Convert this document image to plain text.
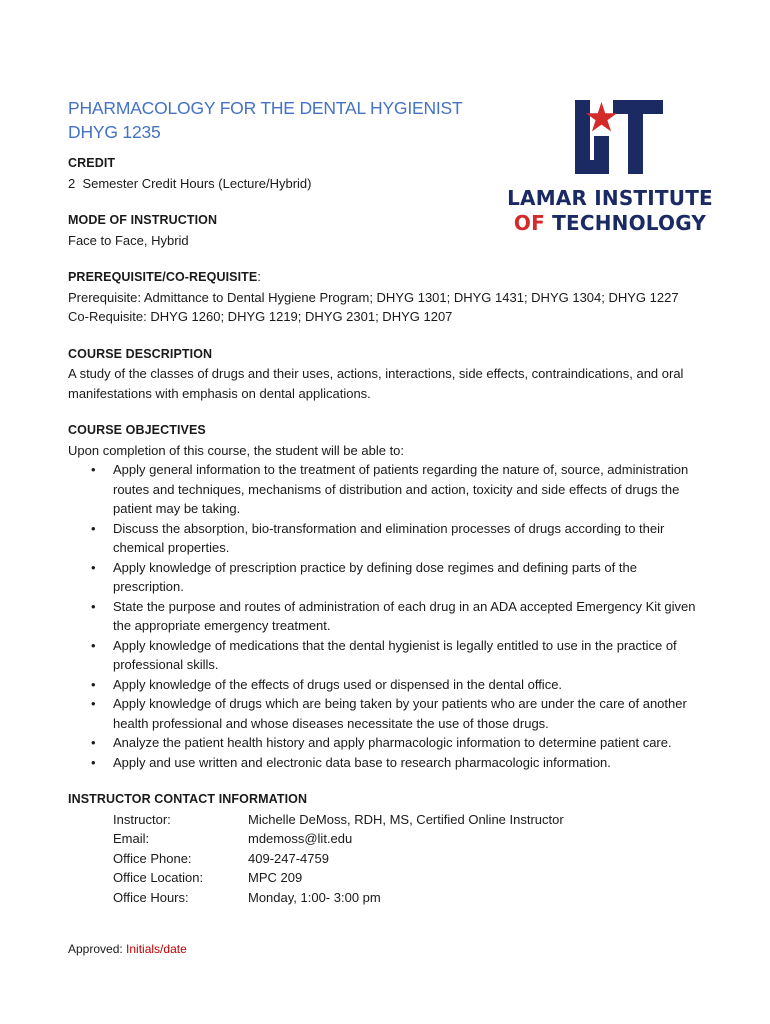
PHARMACOLOGY FOR THE DENTAL HYGIENIST DHYG 1235
LAMAR INSTITUTE
OF TECHNOLOGY

CREDIT

2  Semester Credit Hours (Lecture/Hybrid)

MODE OF INSTRUCTION

Face to Face, Hybrid

PREREQUISITE/CO-REQUISITE:

Prerequisite: Admittance to Dental Hygiene Program; DHYG 1301; DHYG 1431; DHYG 1304; DHYG 1227

Co-Requisite: DHYG 1260; DHYG 1219; DHYG 2301; DHYG 1207

COURSE DESCRIPTION

A study of the classes of drugs and their uses, actions, interactions, side effects, contraindications, and oral manifestations with emphasis on dental applications.

COURSE OBJECTIVES

Upon completion of this course, the student will be able to:

• Apply general information to the treatment of patients regarding the nature of, source, administration routes and techniques, mechanisms of distribution and action, toxicity and side effects of drugs the patient may be taking.
• Discuss the absorption, bio-transformation and elimination processes of drugs according to their chemical properties.
• Apply knowledge of prescription practice by defining dose regimes and defining parts of the prescription.
• State the purpose and routes of administration of each drug in an ADA accepted Emergency Kit given the appropriate emergency treatment.
• Apply knowledge of medications that the dental hygienist is legally entitled to use in the practice of professional skills.
• Apply knowledge of the effects of drugs used or dispensed in the dental office.
• Apply knowledge of drugs which are being taken by your patients who are under the care of another health professional and whose diseases necessitate the use of those drugs.
• Analyze the patient health history and apply pharmacologic information to determine patient care.
• Apply and use written and electronic data base to research pharmacologic information.

INSTRUCTOR CONTACT INFORMATION

Instructor:	Michelle DeMoss, RDH, MS, Certified Online Instructor
Email:	mdemoss@lit.edu
Office Phone:	409-247-4759
Office Location:	MPC 209
Office Hours:	Monday, 1:00- 3:00 pm
Approved: Initials/date
